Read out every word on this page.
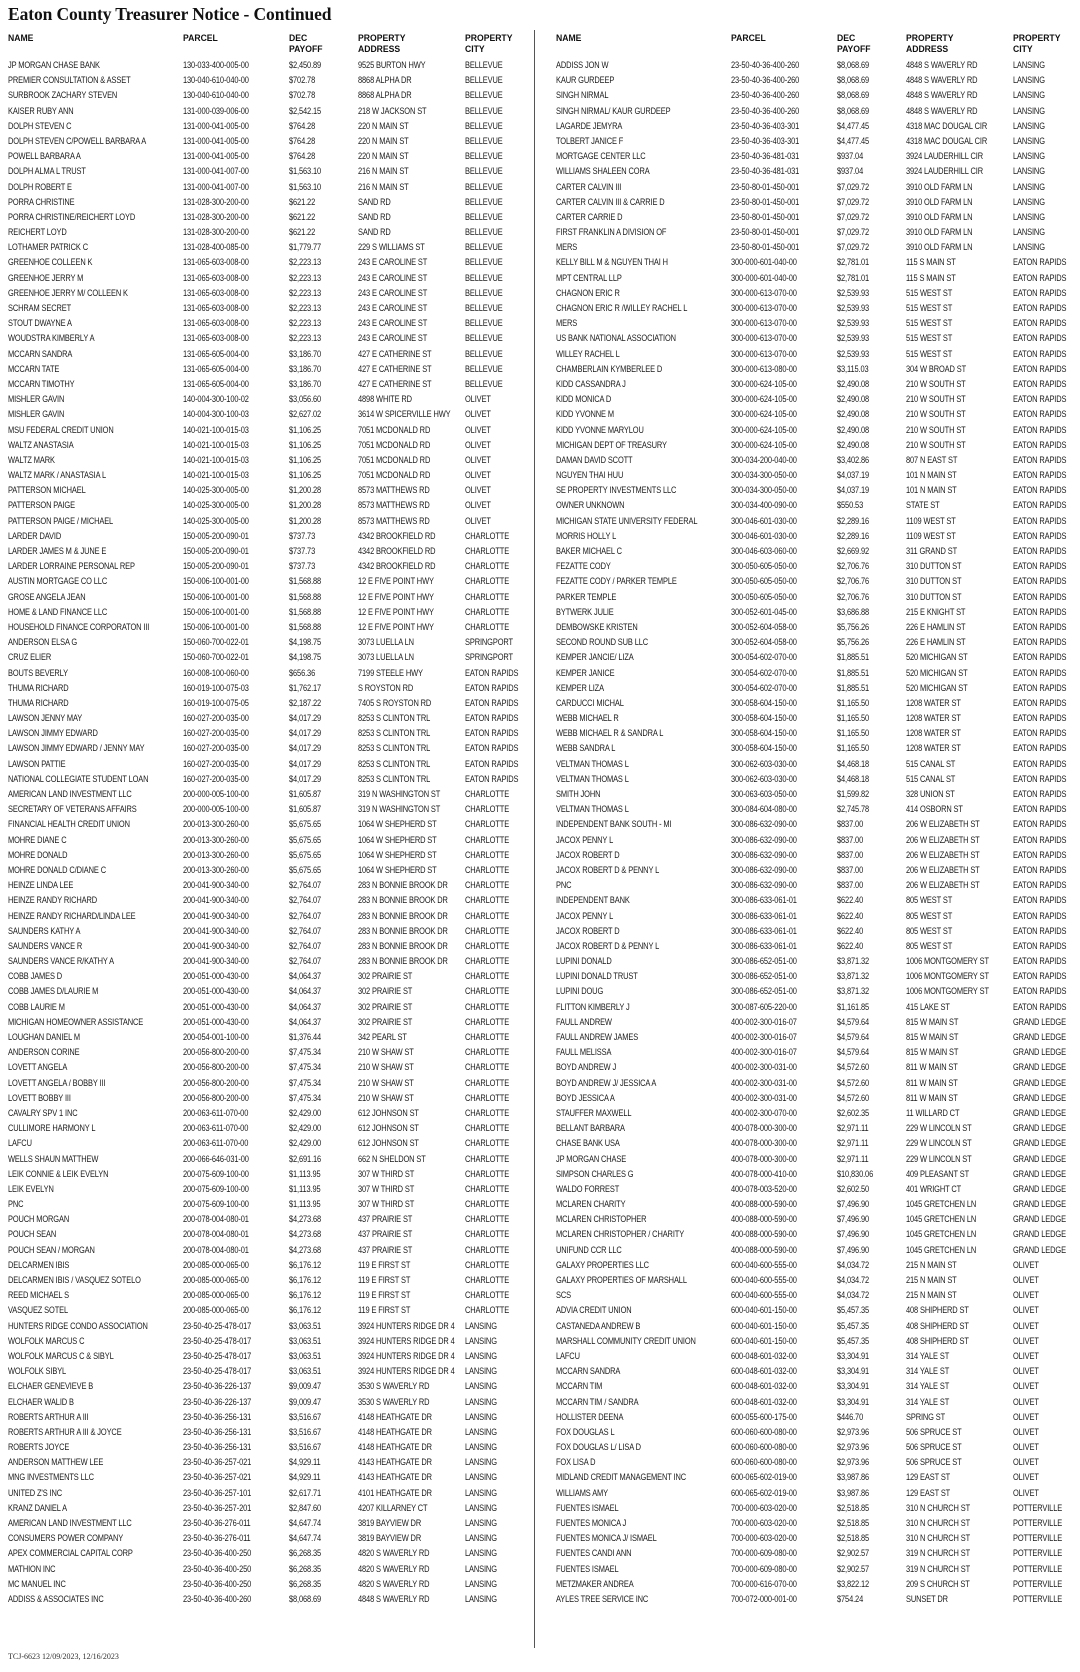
Eaton County Treasurer Notice - Continued
NAME	PARCEL	DEC PAYOFF
PROPERTY ADDRESS
PROPERTY CITY
JP MORGAN CHASE BANK	130-033-400-005-00	$2,450.89	9525 BURTON HWY	BELLEVUE
PREMIER CONSULTATION & ASSET	130-040-610-040-00	$702.78	8868 ALPHA DR	BELLEVUE
SURBROOK ZACHARY STEVEN	130-040-610-040-00	$702.78	8868 ALPHA DR	BELLEVUE
KAISER RUBY ANN	131-000-039-006-00	$2,542.15	218 W JACKSON ST	BELLEVUE
DOLPH STEVEN C	131-000-041-005-00	$764.28	220 N MAIN ST	BELLEVUE
DOLPH STEVEN C/POWELL BARBARA A	131-000-041-005-00	$764.28	220 N MAIN ST	BELLEVUE
POWELL BARBARA A	131-000-041-005-00	$764.28	220 N MAIN ST	BELLEVUE
DOLPH ALMA L TRUST	131-000-041-007-00	$1,563.10	216 N MAIN ST	BELLEVUE
DOLPH ROBERT E	131-000-041-007-00	$1,563.10	216 N MAIN ST	BELLEVUE
PORRA CHRISTINE	131-028-300-200-00	$621.22	SAND RD	BELLEVUE
PORRA CHRISTINE/REICHERT LOYD	131-028-300-200-00	$621.22	SAND RD	BELLEVUE
REICHERT LOYD	131-028-300-200-00	$621.22	SAND RD	BELLEVUE
LOTHAMER PATRICK C	131-028-400-085-00	$1,779.77	229 S WILLIAMS ST	BELLEVUE
GREENHOE COLLEEN K	131-065-603-008-00	$2,223.13	243 E CAROLINE ST	BELLEVUE
GREENHOE JERRY M	131-065-603-008-00	$2,223.13	243 E CAROLINE ST	BELLEVUE
GREENHOE JERRY M/ COLLEEN K	131-065-603-008-00	$2,223.13	243 E CAROLINE ST	BELLEVUE
SCHRAM SECRET	131-065-603-008-00	$2,223.13	243 E CAROLINE ST	BELLEVUE
STOUT DWAYNE A	131-065-603-008-00	$2,223.13	243 E CAROLINE ST	BELLEVUE
WOUDSTRA KIMBERLY A	131-065-603-008-00	$2,223.13	243 E CAROLINE ST	BELLEVUE
MCCARN SANDRA	131-065-605-004-00	$3,186.70	427 E CATHERINE ST	BELLEVUE
MCCARN TATE	131-065-605-004-00	$3,186.70	427 E CATHERINE ST	BELLEVUE
MCCARN TIMOTHY	131-065-605-004-00	$3,186.70	427 E CATHERINE ST	BELLEVUE
MISHLER GAVIN	140-004-300-100-02	$3,056.60	4898 WHITE RD	OLIVET
MISHLER GAVIN	140-004-300-100-03	$2,627.02	3614 W SPICERVILLE HWY OLIVET
MSU FEDERAL CREDIT UNION	140-021-100-015-03	$1,106.25	7051 MCDONALD RD	OLIVET
WALTZ ANASTASIA	140-021-100-015-03	$1,106.25	7051 MCDONALD RD	OLIVET
WALTZ MARK	140-021-100-015-03	$1,106.25	7051 MCDONALD RD	OLIVET
WALTZ MARK / ANASTASIA L	140-021-100-015-03	$1,106.25	7051 MCDONALD RD	OLIVET
PATTERSON MICHAEL	140-025-300-005-00	$1,200.28	8573 MATTHEWS RD	OLIVET
PATTERSON PAIGE	140-025-300-005-00	$1,200.28	8573 MATTHEWS RD	OLIVET
PATTERSON PAIGE / MICHAEL	140-025-300-005-00	$1,200.28	8573 MATTHEWS RD	OLIVET
LARDER DAVID	150-005-200-090-01	$737.73	4342 BROOKFIELD RD	CHARLOTTE
LARDER JAMES M & JUNE E	150-005-200-090-01	$737.73	4342 BROOKFIELD RD	CHARLOTTE
LARDER LORRAINE PERSONAL REP	150-005-200-090-01	$737.73	4342 BROOKFIELD RD	CHARLOTTE
AUSTIN MORTGAGE CO LLC	150-006-100-001-00	$1,568.88	12 E FIVE POINT HWY	CHARLOTTE
GROSE ANGELA JEAN	150-006-100-001-00	$1,568.88	12 E FIVE POINT HWY	CHARLOTTE
HOME & LAND FINANCE LLC	150-006-100-001-00	$1,568.88	12 E FIVE POINT HWY	CHARLOTTE
HOUSEHOLD FINANCE CORPORATON III	150-006-100-001-00	$1,568.88	12 E FIVE POINT HWY	CHARLOTTE
ANDERSON ELSA G	150-060-700-022-01	$4,198.75	3073 LUELLA LN	SPRINGPORT
CRUZ ELIER	150-060-700-022-01	$4,198.75	3073 LUELLA LN	SPRINGPORT
BOUTS BEVERLY	160-008-100-060-00	$656.36	7199 STEELE HWY	EATON RAPIDS
THUMA RICHARD	160-019-100-075-03	$1,762.17	S ROYSTON RD	EATON RAPIDS
THUMA RICHARD	160-019-100-075-05	$2,187.22	7405 S ROYSTON RD	EATON RAPIDS
LAWSON JENNY MAY	160-027-200-035-00	$4,017.29	8253 S CLINTON TRL	EATON RAPIDS
LAWSON JIMMY EDWARD	160-027-200-035-00	$4,017.29	8253 S CLINTON TRL	EATON RAPIDS
LAWSON JIMMY EDWARD / JENNY MAY	160-027-200-035-00	$4,017.29	8253 S CLINTON TRL	EATON RAPIDS
LAWSON PATTIE	160-027-200-035-00	$4,017.29	8253 S CLINTON TRL	EATON RAPIDS
NATIONAL COLLEGIATE STUDENT LOAN	160-027-200-035-00	$4,017.29	8253 S CLINTON TRL	EATON RAPIDS
AMERICAN LAND INVESTMENT LLC	200-000-005-100-00	$1,605.87	319 N WASHINGTON ST	CHARLOTTE
SECRETARY OF VETERANS AFFAIRS	200-000-005-100-00	$1,605.87	319 N WASHINGTON ST	CHARLOTTE
FINANCIAL HEALTH CREDIT UNION	200-013-300-260-00	$5,675.65	1064 W SHEPHERD ST	CHARLOTTE
MOHRE DIANE C	200-013-300-260-00	$5,675.65	1064 W SHEPHERD ST	CHARLOTTE
MOHRE DONALD	200-013-300-260-00	$5,675.65	1064 W SHEPHERD ST	CHARLOTTE
MOHRE DONALD C/DIANE C	200-013-300-260-00	$5,675.65	1064 W SHEPHERD ST	CHARLOTTE
HEINZE LINDA LEE	200-041-900-340-00	$2,764.07	283 N BONNIE BROOK DR CHARLOTTE
HEINZE RANDY RICHARD	200-041-900-340-00	$2,764.07	283 N BONNIE BROOK DR CHARLOTTE
HEINZE RANDY RICHARD/LINDA LEE	200-041-900-340-00	$2,764.07	283 N BONNIE BROOK DR CHARLOTTE
SAUNDERS KATHY A	200-041-900-340-00	$2,764.07	283 N BONNIE BROOK DR CHARLOTTE
SAUNDERS VANCE R	200-041-900-340-00	$2,764.07	283 N BONNIE BROOK DR CHARLOTTE
SAUNDERS VANCE R/KATHY A	200-041-900-340-00	$2,764.07	283 N BONNIE BROOK DR CHARLOTTE
COBB JAMES D	200-051-000-430-00	$4,064.37	302 PRAIRIE ST	CHARLOTTE
COBB JAMES D/LAURIE M	200-051-000-430-00	$4,064.37	302 PRAIRIE ST	CHARLOTTE
COBB LAURIE M	200-051-000-430-00	$4,064.37	302 PRAIRIE ST	CHARLOTTE
MICHIGAN HOMEOWNER ASSISTANCE	200-051-000-430-00	$4,064.37	302 PRAIRIE ST	CHARLOTTE
LOUGHAN DANIEL M	200-054-001-100-00	$1,376.44	342 PEARL ST	CHARLOTTE
ANDERSON CORINE	200-056-800-200-00	$7,475.34	210 W SHAW ST	CHARLOTTE
LOVETT ANGELA	200-056-800-200-00	$7,475.34	210 W SHAW ST	CHARLOTTE
LOVETT ANGELA / BOBBY III	200-056-800-200-00	$7,475.34	210 W SHAW ST	CHARLOTTE
LOVETT BOBBY III	200-056-800-200-00	$7,475.34	210 W SHAW ST	CHARLOTTE
CAVALRY SPV 1 INC	200-063-611-070-00	$2,429.00	612 JOHNSON ST	CHARLOTTE
CULLIMORE HARMONY L	200-063-611-070-00	$2,429.00	612 JOHNSON ST	CHARLOTTE
LAFCU	200-063-611-070-00	$2,429.00	612 JOHNSON ST	CHARLOTTE
WELLS SHAUN MATTHEW	200-066-646-031-00	$2,691.16	662 N SHELDON ST	CHARLOTTE
LEIK CONNIE & LEIK EVELYN	200-075-609-100-00	$1,113.95	307 W THIRD ST	CHARLOTTE
LEIK EVELYN	200-075-609-100-00	$1,113.95	307 W THIRD ST	CHARLOTTE
PNC	200-075-609-100-00	$1,113.95	307 W THIRD ST	CHARLOTTE
POUCH MORGAN	200-078-004-080-01	$4,273.68	437 PRAIRIE ST	CHARLOTTE
POUCH SEAN	200-078-004-080-01	$4,273.68	437 PRAIRIE ST	CHARLOTTE
POUCH SEAN / MORGAN	200-078-004-080-01	$4,273.68	437 PRAIRIE ST	CHARLOTTE
DELCARMEN IBIS	200-085-000-065-00	$6,176.12	119 E FIRST ST	CHARLOTTE
DELCARMEN IBIS / VASQUEZ SOTELO	200-085-000-065-00	$6,176.12	119 E FIRST ST	CHARLOTTE
REED MICHAEL S	200-085-000-065-00	$6,176.12	119 E FIRST ST	CHARLOTTE
VASQUEZ SOTEL	200-085-000-065-00	$6,176.12	119 E FIRST ST	CHARLOTTE
HUNTERS RIDGE CONDO ASSOCIATION	23-50-40-25-478-017	$3,063.51	3924 HUNTERS RIDGE DR 4 LANSING
WOLFOLK MARCUS C	23-50-40-25-478-017	$3,063.51	3924 HUNTERS RIDGE DR 4 LANSING
WOLFOLK MARCUS C & SIBYL	23-50-40-25-478-017	$3,063.51	3924 HUNTERS RIDGE DR 4 LANSING
WOLFOLK SIBYL	23-50-40-25-478-017	$3,063.51	3924 HUNTERS RIDGE DR 4 LANSING
ELCHAER GENEVIEVE B	23-50-40-36-226-137	$9,009.47	3530 S WAVERLY RD	LANSING
ELCHAER WALID B	23-50-40-36-226-137	$9,009.47	3530 S WAVERLY RD	LANSING
ROBERTS ARTHUR A III	23-50-40-36-256-131	$3,516.67	4148 HEATHGATE DR	LANSING
ROBERTS ARTHUR A III & JOYCE	23-50-40-36-256-131	$3,516.67	4148 HEATHGATE DR	LANSING
ROBERTS JOYCE	23-50-40-36-256-131	$3,516.67	4148 HEATHGATE DR	LANSING
ANDERSON MATTHEW LEE	23-50-40-36-257-021	$4,929.11	4143 HEATHGATE DR	LANSING
MNG INVESTMENTS LLC	23-50-40-36-257-021	$4,929.11	4143 HEATHGATE DR	LANSING
UNITED Z'S INC	23-50-40-36-257-101	$2,617.71	4101 HEATHGATE DR	LANSING
KRANZ DANIEL A	23-50-40-36-257-201	$2,847.60	4207 KILLARNEY CT	LANSING
AMERICAN LAND INVESTMENT LLC	23-50-40-36-276-011	$4,647.74	3819 BAYVIEW DR	LANSING
CONSUMERS POWER COMPANY	23-50-40-36-276-011	$4,647.74	3819 BAYVIEW DR	LANSING
APEX COMMERCIAL CAPITAL CORP	23-50-40-36-400-250	$6,268.35	4820 S WAVERLY RD	LANSING
MATHION INC	23-50-40-36-400-250	$6,268.35	4820 S WAVERLY RD	LANSING
MC MANUEL INC	23-50-40-36-400-250	$6,268.35	4820 S WAVERLY RD	LANSING
ADDISS & ASSOCIATES INC	23-50-40-36-400-260	$8,068.69	4848 S WAVERLY RD	LANSING
NAME	PARCEL	DEC PAYOFF
PROPERTY ADDRESS
PROPERTY CITY
ADDISS JON W	23-50-40-36-400-260	$8,068.69	4848 S WAVERLY RD	LANSING
KAUR GURDEEP	23-50-40-36-400-260	$8,068.69	4848 S WAVERLY RD	LANSING
SINGH NIRMAL	23-50-40-36-400-260	$8,068.69	4848 S WAVERLY RD	LANSING
SINGH NIRMAL/ KAUR GURDEEP	23-50-40-36-400-260	$8,068.69	4848 S WAVERLY RD	LANSING
LAGARDE JEMYRA	23-50-40-36-403-301	$4,477.45	4318 MAC DOUGAL CIR	LANSING
TOLBERT JANICE F	23-50-40-36-403-301	$4,477.45	4318 MAC DOUGAL CIR	LANSING
MORTGAGE CENTER LLC	23-50-40-36-481-031	$937.04	3924 LAUDERHILL CIR	LANSING
WILLIAMS SHALEEN CORA	23-50-40-36-481-031	$937.04	3924 LAUDERHILL CIR	LANSING
CARTER CALVIN III	23-50-80-01-450-001	$7,029.72	3910 OLD FARM LN	LANSING
CARTER CALVIN III & CARRIE D	23-50-80-01-450-001	$7,029.72	3910 OLD FARM LN	LANSING
CARTER CARRIE D	23-50-80-01-450-001	$7,029.72	3910 OLD FARM LN	LANSING
FIRST FRANKLIN A DIVISION OF	23-50-80-01-450-001	$7,029.72	3910 OLD FARM LN	LANSING
MERS	23-50-80-01-450-001	$7,029.72	3910 OLD FARM LN	LANSING
KELLY BILL M & NGUYEN THAI H	300-000-601-040-00	$2,781.01	115 S MAIN ST	EATON RAPIDS
MPT CENTRAL LLP	300-000-601-040-00	$2,781.01	115 S MAIN ST	EATON RAPIDS
CHAGNON ERIC R	300-000-613-070-00	$2,539.93	515 WEST ST	EATON RAPIDS
CHAGNON ERIC R /WILLEY RACHEL L	300-000-613-070-00	$2,539.93	515 WEST ST	EATON RAPIDS
MERS	300-000-613-070-00	$2,539.93	515 WEST ST	EATON RAPIDS
US BANK NATIONAL ASSOCIATION	300-000-613-070-00	$2,539.93	515 WEST ST	EATON RAPIDS
WILLEY RACHEL L	300-000-613-070-00	$2,539.93	515 WEST ST	EATON RAPIDS
CHAMBERLAIN KYMBERLEE D	300-000-613-080-00	$3,115.03	304 W BROAD ST	EATON RAPIDS
KIDD CASSANDRA J	300-000-624-105-00	$2,490.08	210 W SOUTH ST	EATON RAPIDS
KIDD MONICA D	300-000-624-105-00	$2,490.08	210 W SOUTH ST	EATON RAPIDS
KIDD YVONNE M	300-000-624-105-00	$2,490.08	210 W SOUTH ST	EATON RAPIDS
KIDD YVONNE MARYLOU	300-000-624-105-00	$2,490.08	210 W SOUTH ST	EATON RAPIDS
MICHIGAN DEPT OF TREASURY	300-000-624-105-00	$2,490.08	210 W SOUTH ST	EATON RAPIDS
DAMAN DAVID SCOTT	300-034-200-040-00	$3,402.86	807 N EAST ST	EATON RAPIDS
NGUYEN THAI HUU	300-034-300-050-00	$4,037.19	101 N MAIN ST	EATON RAPIDS
SE PROPERTY INVESTMENTS LLC	300-034-300-050-00	$4,037.19	101 N MAIN ST	EATON RAPIDS
OWNER UNKNOWN	300-034-400-090-00	$550.53	STATE ST	EATON RAPIDS
MICHIGAN STATE UNIVERSITY FEDERAL	300-046-601-030-00	$2,289.16	1109 WEST ST	EATON RAPIDS
MORRIS HOLLY L	300-046-601-030-00	$2,289.16	1109 WEST ST	EATON RAPIDS
BAKER MICHAEL C	300-046-603-060-00	$2,669.92	311 GRAND ST	EATON RAPIDS
FEZATTE CODY	300-050-605-050-00	$2,706.76	310 DUTTON ST	EATON RAPIDS
FEZATTE CODY / PARKER TEMPLE	300-050-605-050-00	$2,706.76	310 DUTTON ST	EATON RAPIDS
PARKER TEMPLE	300-050-605-050-00	$2,706.76	310 DUTTON ST	EATON RAPIDS
BYTWERK JULIE	300-052-601-045-00	$3,686.88	215 E KNIGHT ST	EATON RAPIDS
DEMBOWSKE KRISTEN	300-052-604-058-00	$5,756.26	226 E HAMLIN ST	EATON RAPIDS
SECOND ROUND SUB LLC	300-052-604-058-00	$5,756.26	226 E HAMLIN ST	EATON RAPIDS
KEMPER JANCIE/ LIZA	300-054-602-070-00	$1,885.51	520 MICHIGAN ST	EATON RAPIDS
KEMPER JANICE	300-054-602-070-00	$1,885.51	520 MICHIGAN ST	EATON RAPIDS
KEMPER LIZA	300-054-602-070-00	$1,885.51	520 MICHIGAN ST	EATON RAPIDS
CARDUCCI MICHAL	300-058-604-150-00	$1,165.50	1208 WATER ST	EATON RAPIDS
WEBB MICHAEL R	300-058-604-150-00	$1,165.50	1208 WATER ST	EATON RAPIDS
WEBB MICHAEL R & SANDRA L	300-058-604-150-00	$1,165.50	1208 WATER ST	EATON RAPIDS
WEBB SANDRA L	300-058-604-150-00	$1,165.50	1208 WATER ST	EATON RAPIDS
VELTMAN THOMAS L	300-062-603-030-00	$4,468.18	515 CANAL ST	EATON RAPIDS
VELTMAN THOMAS L	300-062-603-030-00	$4,468.18	515 CANAL ST	EATON RAPIDS
SMITH JOHN	300-063-603-050-00	$1,599.82	328 UNION ST	EATON RAPIDS
VELTMAN THOMAS L	300-084-604-080-00	$2,745.78	414 OSBORN ST	EATON RAPIDS
INDEPENDENT BANK SOUTH - MI	300-086-632-090-00	$837.00	206 W ELIZABETH ST	EATON RAPIDS
JACOX PENNY L	300-086-632-090-00	$837.00	206 W ELIZABETH ST	EATON RAPIDS
JACOX ROBERT D	300-086-632-090-00	$837.00	206 W ELIZABETH ST	EATON RAPIDS
JACOX ROBERT D & PENNY L	300-086-632-090-00	$837.00	206 W ELIZABETH ST	EATON RAPIDS
PNC	300-086-632-090-00	$837.00	206 W ELIZABETH ST	EATON RAPIDS
INDEPENDENT BANK	300-086-633-061-01	$622.40	805 WEST ST	EATON RAPIDS
JACOX PENNY L	300-086-633-061-01	$622.40	805 WEST ST	EATON RAPIDS
JACOX ROBERT D	300-086-633-061-01	$622.40	805 WEST ST	EATON RAPIDS
JACOX ROBERT D & PENNY L	300-086-633-061-01	$622.40	805 WEST ST	EATON RAPIDS
LUPINI DONALD	300-086-652-051-00	$3,871.32	1006 MONTGOMERY ST	EATON RAPIDS
LUPINI DONALD TRUST	300-086-652-051-00	$3,871.32	1006 MONTGOMERY ST	EATON RAPIDS
LUPINI DOUG	300-086-652-051-00	$3,871.32	1006 MONTGOMERY ST	EATON RAPIDS
FLITTON KIMBERLY J	300-087-605-220-00	$1,161.85	415 LAKE ST	EATON RAPIDS
FAULL ANDREW	400-002-300-016-07	$4,579.64	815 W MAIN ST	GRAND LEDGE
FAULL ANDREW JAMES	400-002-300-016-07	$4,579.64	815 W MAIN ST	GRAND LEDGE
FAULL MELISSA	400-002-300-016-07	$4,579.64	815 W MAIN ST	GRAND LEDGE
BOYD ANDREW J	400-002-300-031-00	$4,572.60	811 W MAIN ST	GRAND LEDGE
BOYD ANDREW J/ JESSICA A	400-002-300-031-00	$4,572.60	811 W MAIN ST	GRAND LEDGE
BOYD JESSICA A	400-002-300-031-00	$4,572.60	811 W MAIN ST	GRAND LEDGE
STAUFFER MAXWELL	400-002-300-070-00	$2,602.35	11 WILLARD CT	GRAND LEDGE
BELLANT BARBARA	400-078-000-300-00	$2,971.11	229 W LINCOLN ST	GRAND LEDGE
CHASE BANK USA	400-078-000-300-00	$2,971.11	229 W LINCOLN ST	GRAND LEDGE
JP MORGAN CHASE	400-078-000-300-00	$2,971.11	229 W LINCOLN ST	GRAND LEDGE
SIMPSON CHARLES G	400-078-000-410-00	$10,830.06	409 PLEASANT ST	GRAND LEDGE
WALDO FORREST	400-078-003-520-00	$2,602.50	401 WRIGHT CT	GRAND LEDGE
MCLAREN CHARITY	400-088-000-590-00	$7,496.90	1045 GRETCHEN LN	GRAND LEDGE
MCLAREN CHRISTOPHER	400-088-000-590-00	$7,496.90	1045 GRETCHEN LN	GRAND LEDGE
MCLAREN CHRISTOPHER / CHARITY	400-088-000-590-00	$7,496.90	1045 GRETCHEN LN	GRAND LEDGE
UNIFUND CCR LLC	400-088-000-590-00	$7,496.90	1045 GRETCHEN LN	GRAND LEDGE
GALAXY PROPERTIES LLC	600-040-600-555-00	$4,034.72	215 N MAIN ST	OLIVET
GALAXY PROPERTIES OF MARSHALL	600-040-600-555-00	$4,034.72	215 N MAIN ST	OLIVET
SCS	600-040-600-555-00	$4,034.72	215 N MAIN ST	OLIVET
ADVIA CREDIT UNION	600-040-601-150-00	$5,457.35	408 SHIPHERD ST	OLIVET
CASTANEDA ANDREW B	600-040-601-150-00	$5,457.35	408 SHIPHERD ST	OLIVET
MARSHALL COMMUNITY CREDIT UNION	600-040-601-150-00	$5,457.35	408 SHIPHERD ST	OLIVET
LAFCU	600-048-601-032-00	$3,304.91	314 YALE ST	OLIVET
MCCARN SANDRA	600-048-601-032-00	$3,304.91	314 YALE ST	OLIVET
MCCARN TIM	600-048-601-032-00	$3,304.91	314 YALE ST	OLIVET
MCCARN TIM / SANDRA	600-048-601-032-00	$3,304.91	314 YALE ST	OLIVET
HOLLISTER DEENA	600-055-600-175-00	$446.70	SPRING ST	OLIVET
FOX DOUGLAS L	600-060-600-080-00	$2,973.96	506 SPRUCE ST	OLIVET
FOX DOUGLAS L/ LISA D	600-060-600-080-00	$2,973.96	506 SPRUCE ST	OLIVET
FOX LISA D	600-060-600-080-00	$2,973.96	506 SPRUCE ST	OLIVET
MIDLAND CREDIT MANAGEMENT INC	600-065-602-019-00	$3,987.86	129 EAST ST	OLIVET
WILLIAMS AMY	600-065-602-019-00	$3,987.86	129 EAST ST	OLIVET
FUENTES ISMAEL	700-000-603-020-00	$2,518.85	310 N CHURCH ST	POTTERVILLE
FUENTES MONICA J	700-000-603-020-00	$2,518.85	310 N CHURCH ST	POTTERVILLE
FUENTES MONICA J/ ISMAEL	700-000-603-020-00	$2,518.85	310 N CHURCH ST	POTTERVILLE
FUENTES CANDI ANN	700-000-609-080-00	$2,902.57	319 N CHURCH ST	POTTERVILLE
FUENTES ISMAEL	700-000-609-080-00	$2,902.57	319 N CHURCH ST	POTTERVILLE
METZMAKER ANDREA	700-000-616-070-00	$3,822.12	209 S CHURCH ST	POTTERVILLE
AYLES TREE SERVICE INC	700-072-000-001-00	$754.24	SUNSET DR	POTTERVILLE
TCJ-6623 12/09/2023, 12/16/2023
